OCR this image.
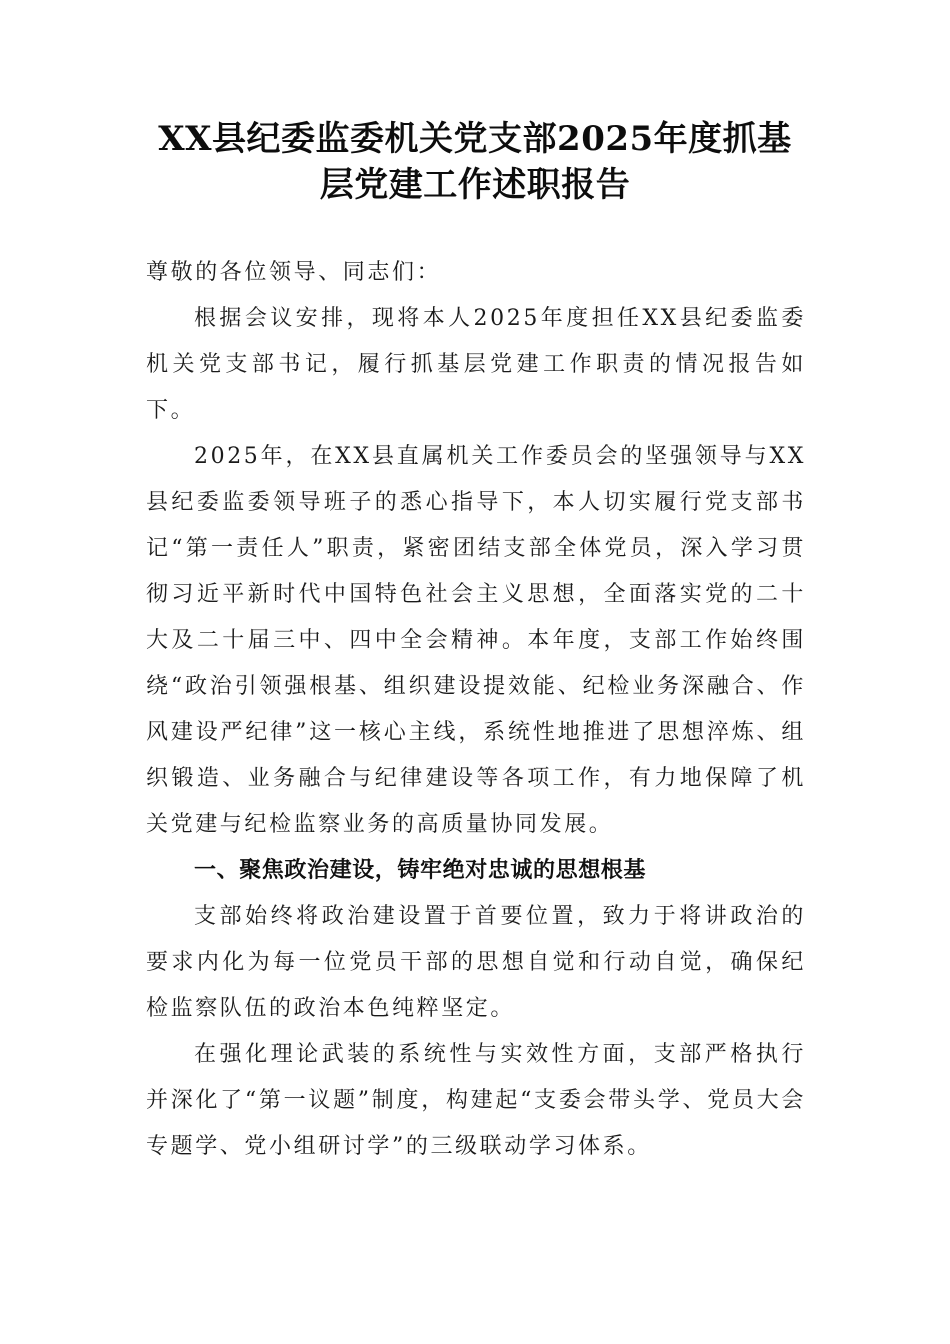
XX县纪委监委机关党支部2025年度抓基
层党建工作述职报告

尊敬的各位领导、同志们：

根据会议安排，现将本人2025年度担任XX县纪委监委机关党支部书记，履行抓基层党建工作职责的情况报告如下。

2025年，在XX县直属机关工作委员会的坚强领导与XX县纪委监委领导班子的悉心指导下，本人切实履行党支部书记“第一责任人”职责，紧密团结支部全体党员，深入学习贯彻习近平新时代中国特色社会主义思想，全面落实党的二十大及二十届三中、四中全会精神。本年度，支部工作始终围绕“政治引领强根基、组织建设提效能、纪检业务深融合、作风建设严纪律”这一核心主线，系统性地推进了思想淬炼、组织锻造、业务融合与纪律建设等各项工作，有力地保障了机关党建与纪检监察业务的高质量协同发展。

一、聚焦政治建设，铸牢绝对忠诚的思想根基

支部始终将政治建设置于首要位置，致力于将讲政治的要求内化为每一位党员干部的思想自觉和行动自觉，确保纪检监察队伍的政治本色纯粹坚定。

在强化理论武装的系统性与实效性方面，支部严格执行并深化了“第一议题”制度，构建起“支委会带头学、党员大会专题学、党小组研讨学”的三级联动学习体系。
